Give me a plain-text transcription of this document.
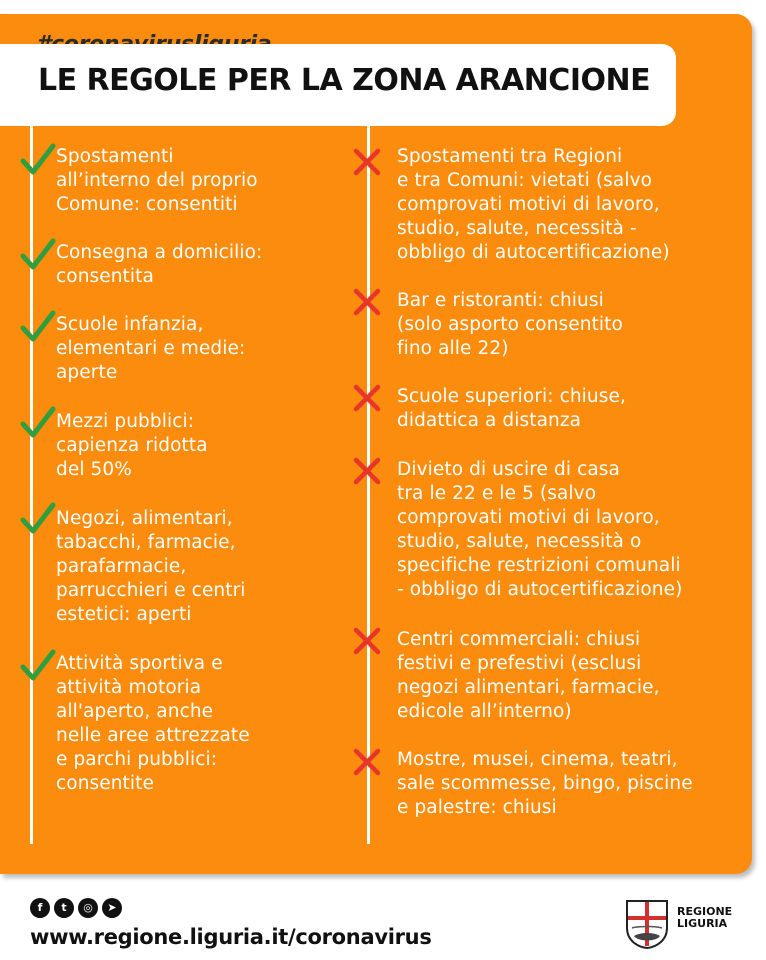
LE REGOLE PER LA ZONA ARANCIONE
Spostamenti
all’interno del proprio
Comune: consentiti
Consegna a domicilio:
consentita
Scuole infanzia,
elementari e medie:
aperte
Mezzi pubblici:
capienza ridotta
del 50%
Negozi, alimentari,
tabacchi, farmacie,
parafarmacie,
parrucchieri e centri
estetici: aperti
Attività sportiva e
attività motoria
all'aperto, anche
nelle aree attrezzate
e parchi pubblici:
consentite
Spostamenti tra Regioni
e tra Comuni: vietati (salvo
comprovati motivi di lavoro,
studio, salute, necessità -
obbligo di autocertificazione)
Bar e ristoranti: chiusi
(solo asporto consentito
fino alle 22)
Scuole superiori: chiuse,
didattica a distanza
Divieto di uscire di casa
tra le 22 e le 5 (salvo
comprovati motivi di lavoro,
studio, salute, necessità o
specifiche restrizioni comunali
- obbligo di autocertificazione)
Centri commerciali: chiusi
festivi e prefestivi (esclusi
negozi alimentari, farmacie,
edicole all’interno)
Mostre, musei, cinema, teatri,
sale scommesse, bingo, piscine
e palestre: chiusi
f	t	◎	➤
www.regione.liguria.it/coronavirus
REGIONE
LIGURIA
